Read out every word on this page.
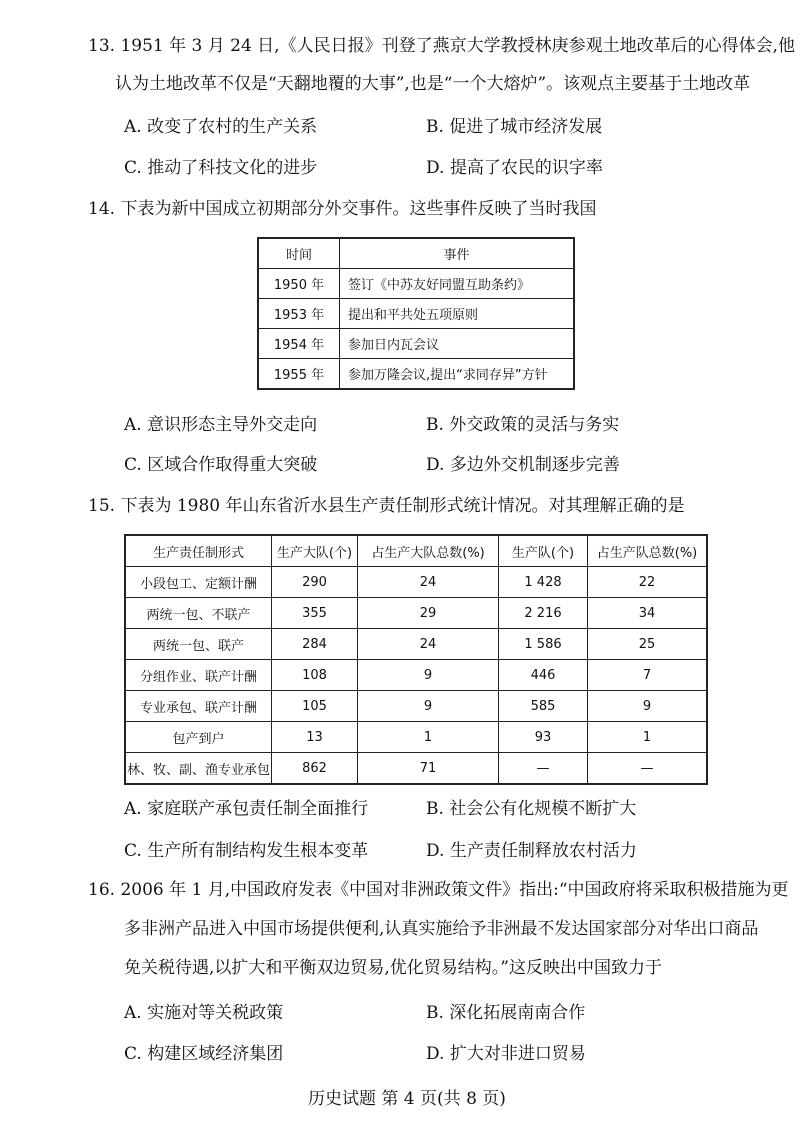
13. 1951 年 3 月 24 日,《人民日报》刊登了燕京大学教授林庚参观土地改革后的心得体会,他
认为土地改革不仅是“天翻地覆的大事”,也是“一个大熔炉”。该观点主要基于土地改革
A. 改变了农村的生产关系	B. 促进了城市经济发展
C. 推动了科技文化的进步	D. 提高了农民的识字率
14. 下表为新中国成立初期部分外交事件。这些事件反映了当时我国
时间	事件
1950 年	签订《中苏友好同盟互助条约》
1953 年	提出和平共处五项原则
1954 年	参加日内瓦会议
1955 年	参加万隆会议,提出“求同存异”方针
A. 意识形态主导外交走向	B. 外交政策的灵活与务实
C. 区域合作取得重大突破	D. 多边外交机制逐步完善
15. 下表为 1980 年山东省沂水县生产责任制形式统计情况。对其理解正确的是
生产责任制形式	生产大队(个)	占生产大队总数(%)	生产队(个)	占生产队总数(%)
小段包工、定额计酬	290	24	1 428	22
两统一包、不联产	355	29	2 216	34
两统一包、联产	284	24	1 586	25
分组作业、联产计酬	108	9	446	7
专业承包、联产计酬	105	9	585	9
包产到户	13	1	93	1
林、牧、副、渔专业承包	862	71	—	—
A. 家庭联产承包责任制全面推行	B. 社会公有化规模不断扩大
C. 生产所有制结构发生根本变革	D. 生产责任制释放农村活力
16. 2006 年 1 月,中国政府发表《中国对非洲政策文件》指出:“中国政府将采取积极措施为更
多非洲产品进入中国市场提供便利,认真实施给予非洲最不发达国家部分对华出口商品
免关税待遇,以扩大和平衡双边贸易,优化贸易结构。”这反映出中国致力于
A. 实施对等关税政策	B. 深化拓展南南合作
C. 构建区域经济集团	D. 扩大对非进口贸易
历史试题 第 4 页(共 8 页)
